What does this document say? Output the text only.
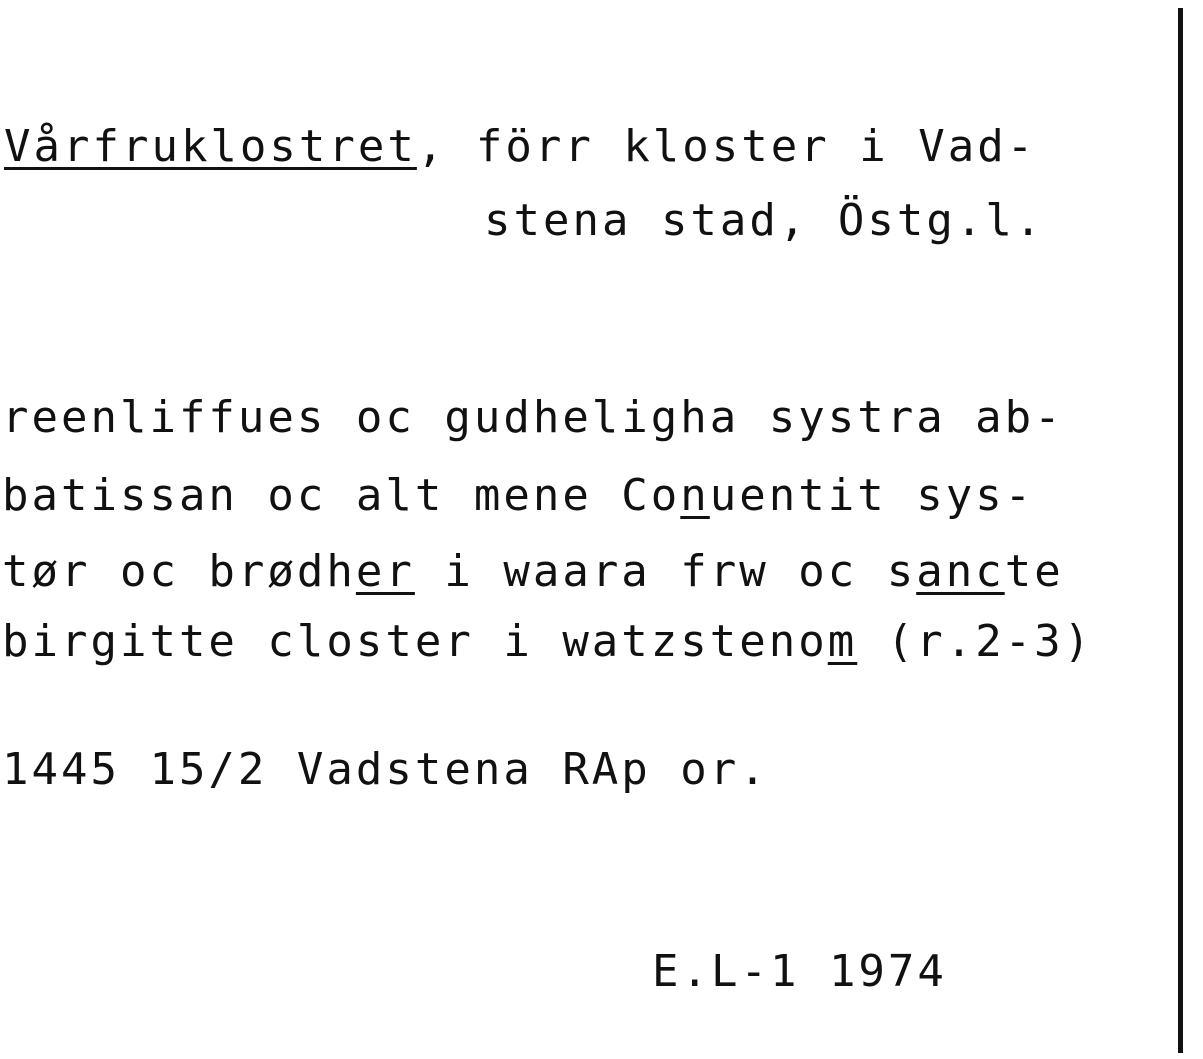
Vårfruklostret, förr kloster i Vad-
stena stad, Östg.l.
reenliffues oc gudheligha systra ab-
batissan oc alt mene Conuentit sys-
tør oc brødher i waara frw oc sancte
birgitte closter i watzstenom (r.2-3)
1445 15/2 Vadstena RAp or.
E.L-1 1974
